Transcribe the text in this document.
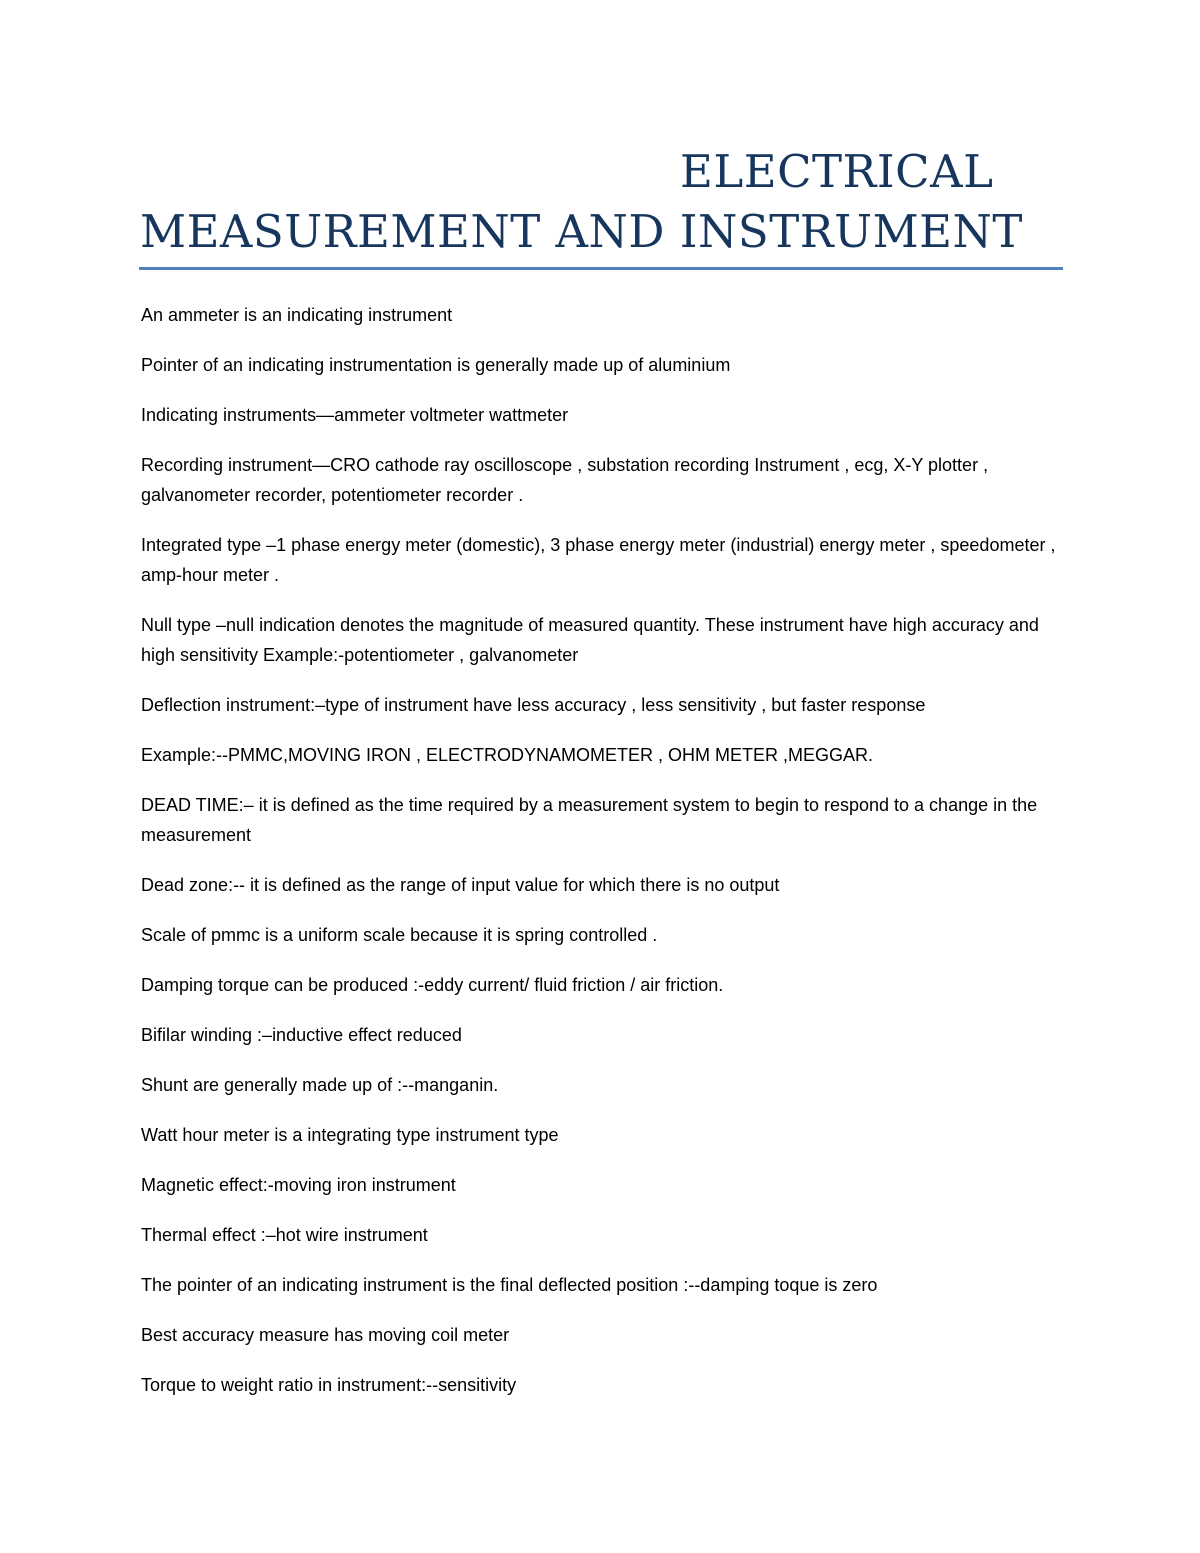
ELECTRICAL
MEASUREMENT AND INSTRUMENT

An ammeter is an indicating instrument

Pointer of an indicating instrumentation is generally made up of aluminium

Indicating instruments—ammeter voltmeter wattmeter

Recording instrument—CRO cathode ray oscilloscope , substation recording Instrument , ecg, X-Y plotter , galvanometer recorder, potentiometer recorder .

Integrated type –1 phase energy meter (domestic), 3 phase energy meter (industrial) energy meter , speedometer , amp-hour meter .

Null type –null indication denotes the magnitude of measured quantity. These instrument have high accuracy and high sensitivity Example:-potentiometer , galvanometer

Deflection instrument:–type of instrument have less accuracy , less sensitivity , but faster response

Example:--PMMC,MOVING IRON , ELECTRODYNAMOMETER , OHM METER ,MEGGAR.

DEAD TIME:– it is defined as the time required by a measurement system to begin to respond to a change in the measurement

Dead zone:-- it is defined as the range of input value for which there is no output

Scale of pmmc is a uniform scale because it is spring controlled .

Damping torque can be produced :-eddy current/ fluid friction / air friction.

Bifilar winding :–inductive effect reduced

Shunt are generally made up of :--manganin.

Watt hour meter is a integrating type instrument type

Magnetic effect:-moving iron instrument

Thermal effect :–hot wire instrument

The pointer of an indicating instrument is the final deflected position :--damping toque is zero

Best accuracy measure has moving coil meter

Torque to weight ratio in instrument:--sensitivity
